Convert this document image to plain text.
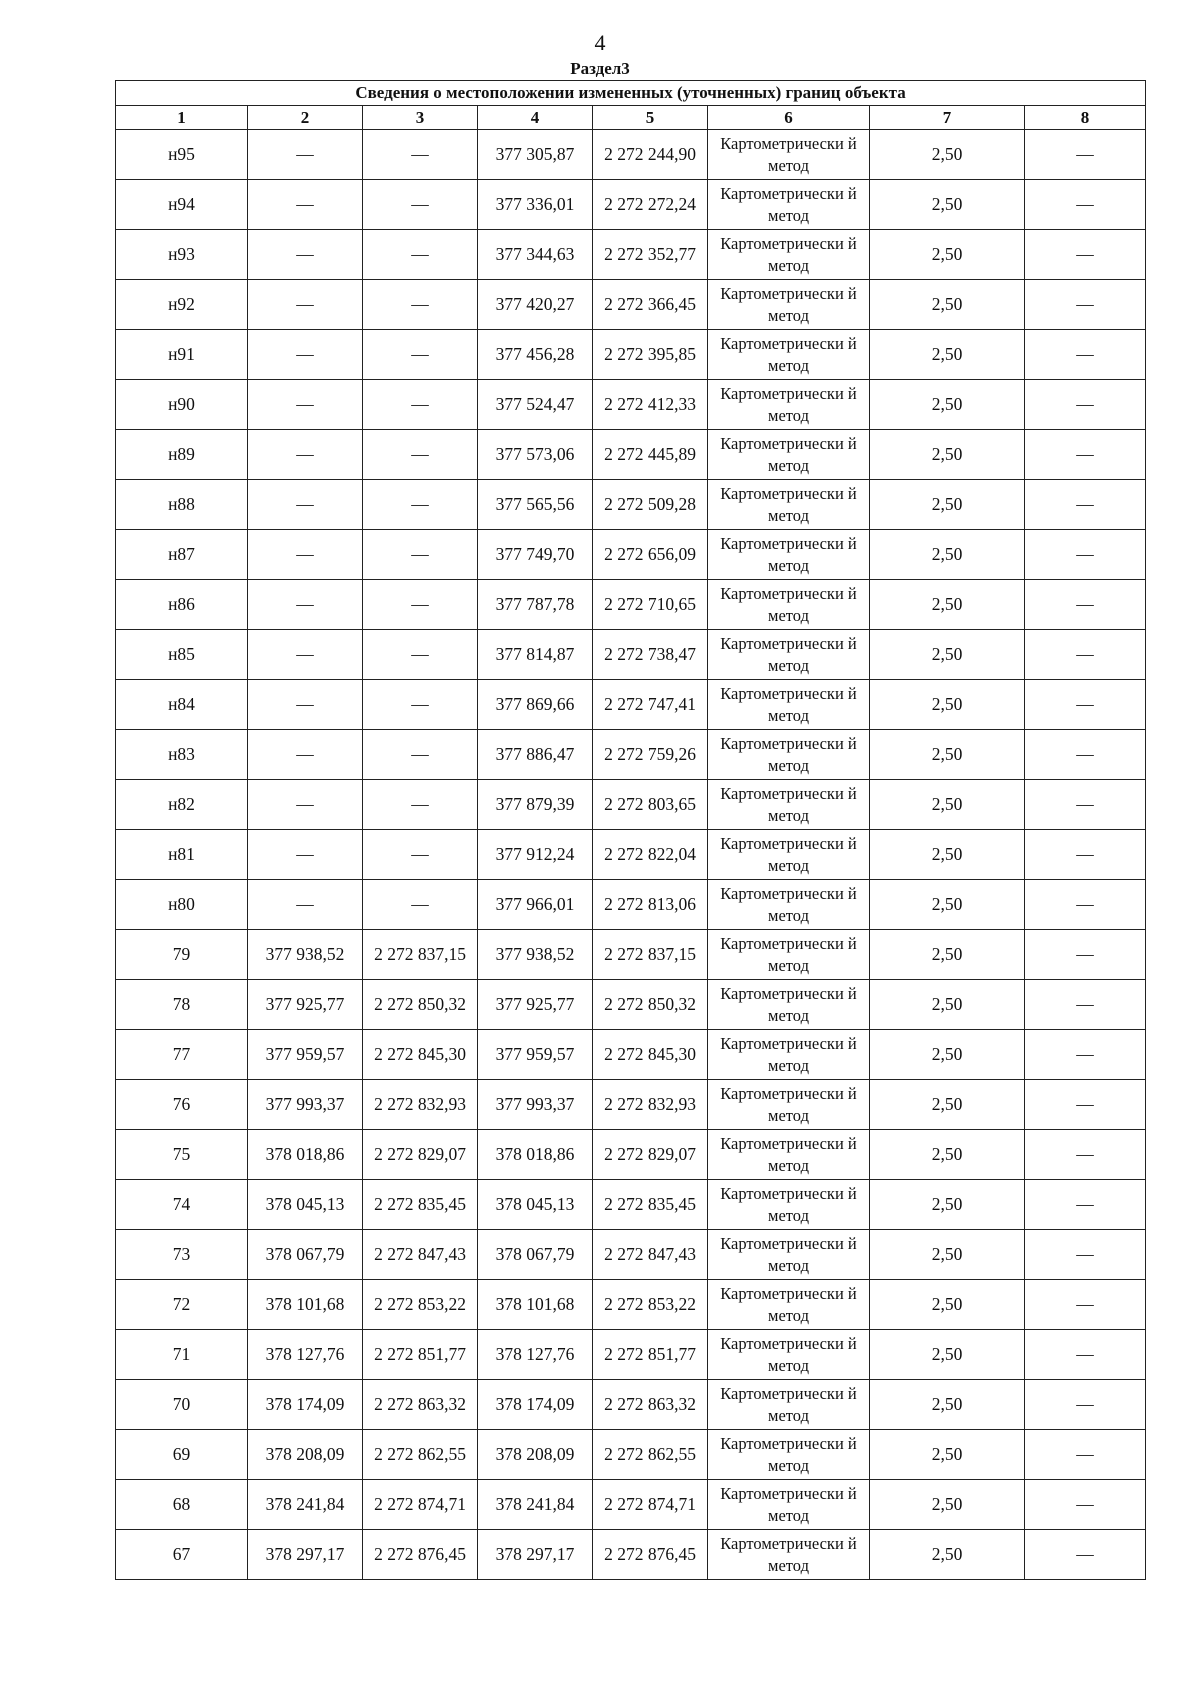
4
Раздел3
Сведения о местоположении измененных (уточненных) границ объекта							
1	2	3	4	5	6	7	8
н95	—	—	377 305,87	2 272 244,90	Картометрически й метод	2,50	—
н94	—	—	377 336,01	2 272 272,24	Картометрически й метод	2,50	—
н93	—	—	377 344,63	2 272 352,77	Картометрически й метод	2,50	—
н92	—	—	377 420,27	2 272 366,45	Картометрически й метод	2,50	—
н91	—	—	377 456,28	2 272 395,85	Картометрически й метод	2,50	—
н90	—	—	377 524,47	2 272 412,33	Картометрически й метод	2,50	—
н89	—	—	377 573,06	2 272 445,89	Картометрически й метод	2,50	—
н88	—	—	377 565,56	2 272 509,28	Картометрически й метод	2,50	—
н87	—	—	377 749,70	2 272 656,09	Картометрически й метод	2,50	—
н86	—	—	377 787,78	2 272 710,65	Картометрически й метод	2,50	—
н85	—	—	377 814,87	2 272 738,47	Картометрически й метод	2,50	—
н84	—	—	377 869,66	2 272 747,41	Картометрически й метод	2,50	—
н83	—	—	377 886,47	2 272 759,26	Картометрически й метод	2,50	—
н82	—	—	377 879,39	2 272 803,65	Картометрически й метод	2,50	—
н81	—	—	377 912,24	2 272 822,04	Картометрически й метод	2,50	—
н80	—	—	377 966,01	2 272 813,06	Картометрически й метод	2,50	—
79	377 938,52	2 272 837,15	377 938,52	2 272 837,15	Картометрически й метод	2,50	—
78	377 925,77	2 272 850,32	377 925,77	2 272 850,32	Картометрически й метод	2,50	—
77	377 959,57	2 272 845,30	377 959,57	2 272 845,30	Картометрически й метод	2,50	—
76	377 993,37	2 272 832,93	377 993,37	2 272 832,93	Картометрически й метод	2,50	—
75	378 018,86	2 272 829,07	378 018,86	2 272 829,07	Картометрически й метод	2,50	—
74	378 045,13	2 272 835,45	378 045,13	2 272 835,45	Картометрически й метод	2,50	—
73	378 067,79	2 272 847,43	378 067,79	2 272 847,43	Картометрически й метод	2,50	—
72	378 101,68	2 272 853,22	378 101,68	2 272 853,22	Картометрически й метод	2,50	—
71	378 127,76	2 272 851,77	378 127,76	2 272 851,77	Картометрически й метод	2,50	—
70	378 174,09	2 272 863,32	378 174,09	2 272 863,32	Картометрически й метод	2,50	—
69	378 208,09	2 272 862,55	378 208,09	2 272 862,55	Картометрически й метод	2,50	—
68	378 241,84	2 272 874,71	378 241,84	2 272 874,71	Картометрически й метод	2,50	—
67	378 297,17	2 272 876,45	378 297,17	2 272 876,45	Картометрически й метод	2,50	—
